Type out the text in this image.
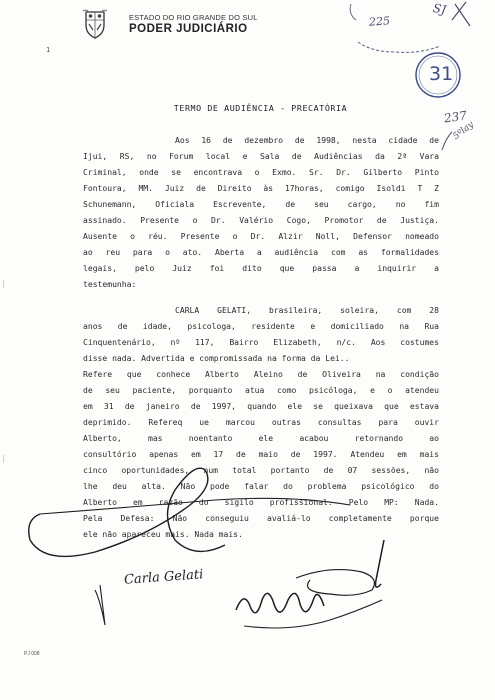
ESTADO DO RIO GRANDE DO SUL
PODER JUDICIÁRIO
1
225
SJ
31
237
5ºlay
TERMO DE AUDIÊNCIA - PRECATÓRIA
Aos 16 de dezembro de 1998, nesta cidade de
Ijui, RS, no Forum local e Sala de Audiências da 2ª Vara
Criminal, onde se encontrava o Exmo. Sr. Dr. Gilberto Pinto
Fontoura, MM. Juiz de Direito às 17horas, comigo Isoldi T Z
Schunemann, Oficiala Escrevente, de seu cargo, no fim
assinado. Presente o Dr. Valério Cogo, Promotor de Justiça.
Ausente o réu. Presente o Dr. Alzir Noll, Defensor nomeado
ao reu para o ato. Aberta a audiência com as formalidades
legais, pelo Juiz foi dito que passa a inquirir a
testemunha:
CARLA GELATI, brasileira, soleira, com 28
anos de idade, psicologa, residente e domiciliado na Rua
Cinquentenário, nº 117, Bairro Elizabeth, n/c. Aos costumes
disse nada. Advertida e compromissada na forma da Lei..
Refere que conhece Alberto Aleino de Oliveira na condição
de seu paciente, porquanto atua como psicóloga, e o atendeu
em 31 de janeiro de 1997, quando ele se queixava que estava
deprimido. Refereq ue marcou outras consultas para ouvir
Alberto, mas noentanto ele acabou retornando ao
consultório apenas em 17 de maio de 1997. Atendeu em mais
cinco oportunidades, num total portanto de 07 sessões, não
lhe deu alta. Não pode falar do problema psicológico do
Alberto em razão do sigilo profissional. Pelo MP: Nada.
Pela Defesa: Não conseguiu avaliá-lo completamente porque
ele não apareceu mais. Nada mais.
Carla Gelati
PJ 008
